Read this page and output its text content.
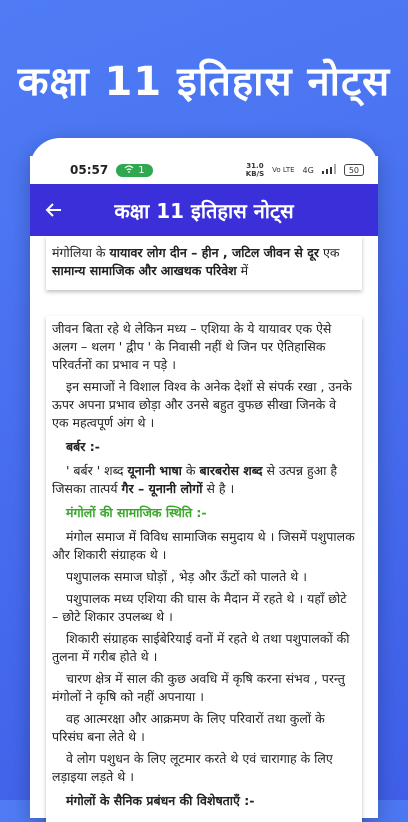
कक्षा 11 इतिहास नोट्स
05:57	1	31.0
KB/S Vo LTE 4G	50
कक्षा 11 इतिहास नोट्स
मंगोलिया के यायावर लोग दीन – हीन , जटिल जीवन से दूर एक सामान्य सामाजिक और आखथक परिवेश में
जीवन बिता रहे थे लेकिन मध्य – एशिया के ये यायावर एक ऐसे अलग – थलग ' द्वीप ' के निवासी नहीं थे जिन पर ऐतिहासिक परिवर्तनों का प्रभाव न पड़े ।
इन समाजों ने विशाल विश्व के अनेक देशों से संपर्क रखा , उनके ऊपर अपना प्रभाव छोड़ा और उनसे बहुत वुफछ सीखा जिनके वे एक महत्वपूर्ण अंग थे ।
बर्बर :-
' बर्बर ' शब्द यूनानी भाषा के बारबरोस शब्द से उत्पन्न हुआ है जिसका तात्पर्य गैर – यूनानी लोगों से है ।
मंगोलों की सामाजिक स्थिति :-
मंगोल समाज में विविध सामाजिक समुदाय थे । जिसमें पशुपालक और शिकारी संग्राहक थे ।
पशुपालक समाज घोड़ों , भेड़ और ऊँटों को पालते थे ।
पशुपालक मध्य एशिया की घास के मैदान में रहते थे । यहाँ छोटे – छोटे शिकार उपलब्ध थे ।
शिकारी संग्राहक साईबेरियाई वनों में रहते थे तथा पशुपालकों की तुलना में गरीब होते थे ।
चारण क्षेत्र में साल की कुछ अवधि में कृषि करना संभव , परन्तु मंगोलों ने कृषि को नहीं अपनाया ।
वह आत्मरक्षा और आक्रमण के लिए परिवारों तथा कुलों के परिसंघ बना लेते थे ।
वे लोग पशुधन के लिए लूटमार करते थे एवं चारागाह के लिए लड़ाइया लड़ते थे ।
मंगोलों के सैनिक प्रबंधन की विशेषताएँ :-
